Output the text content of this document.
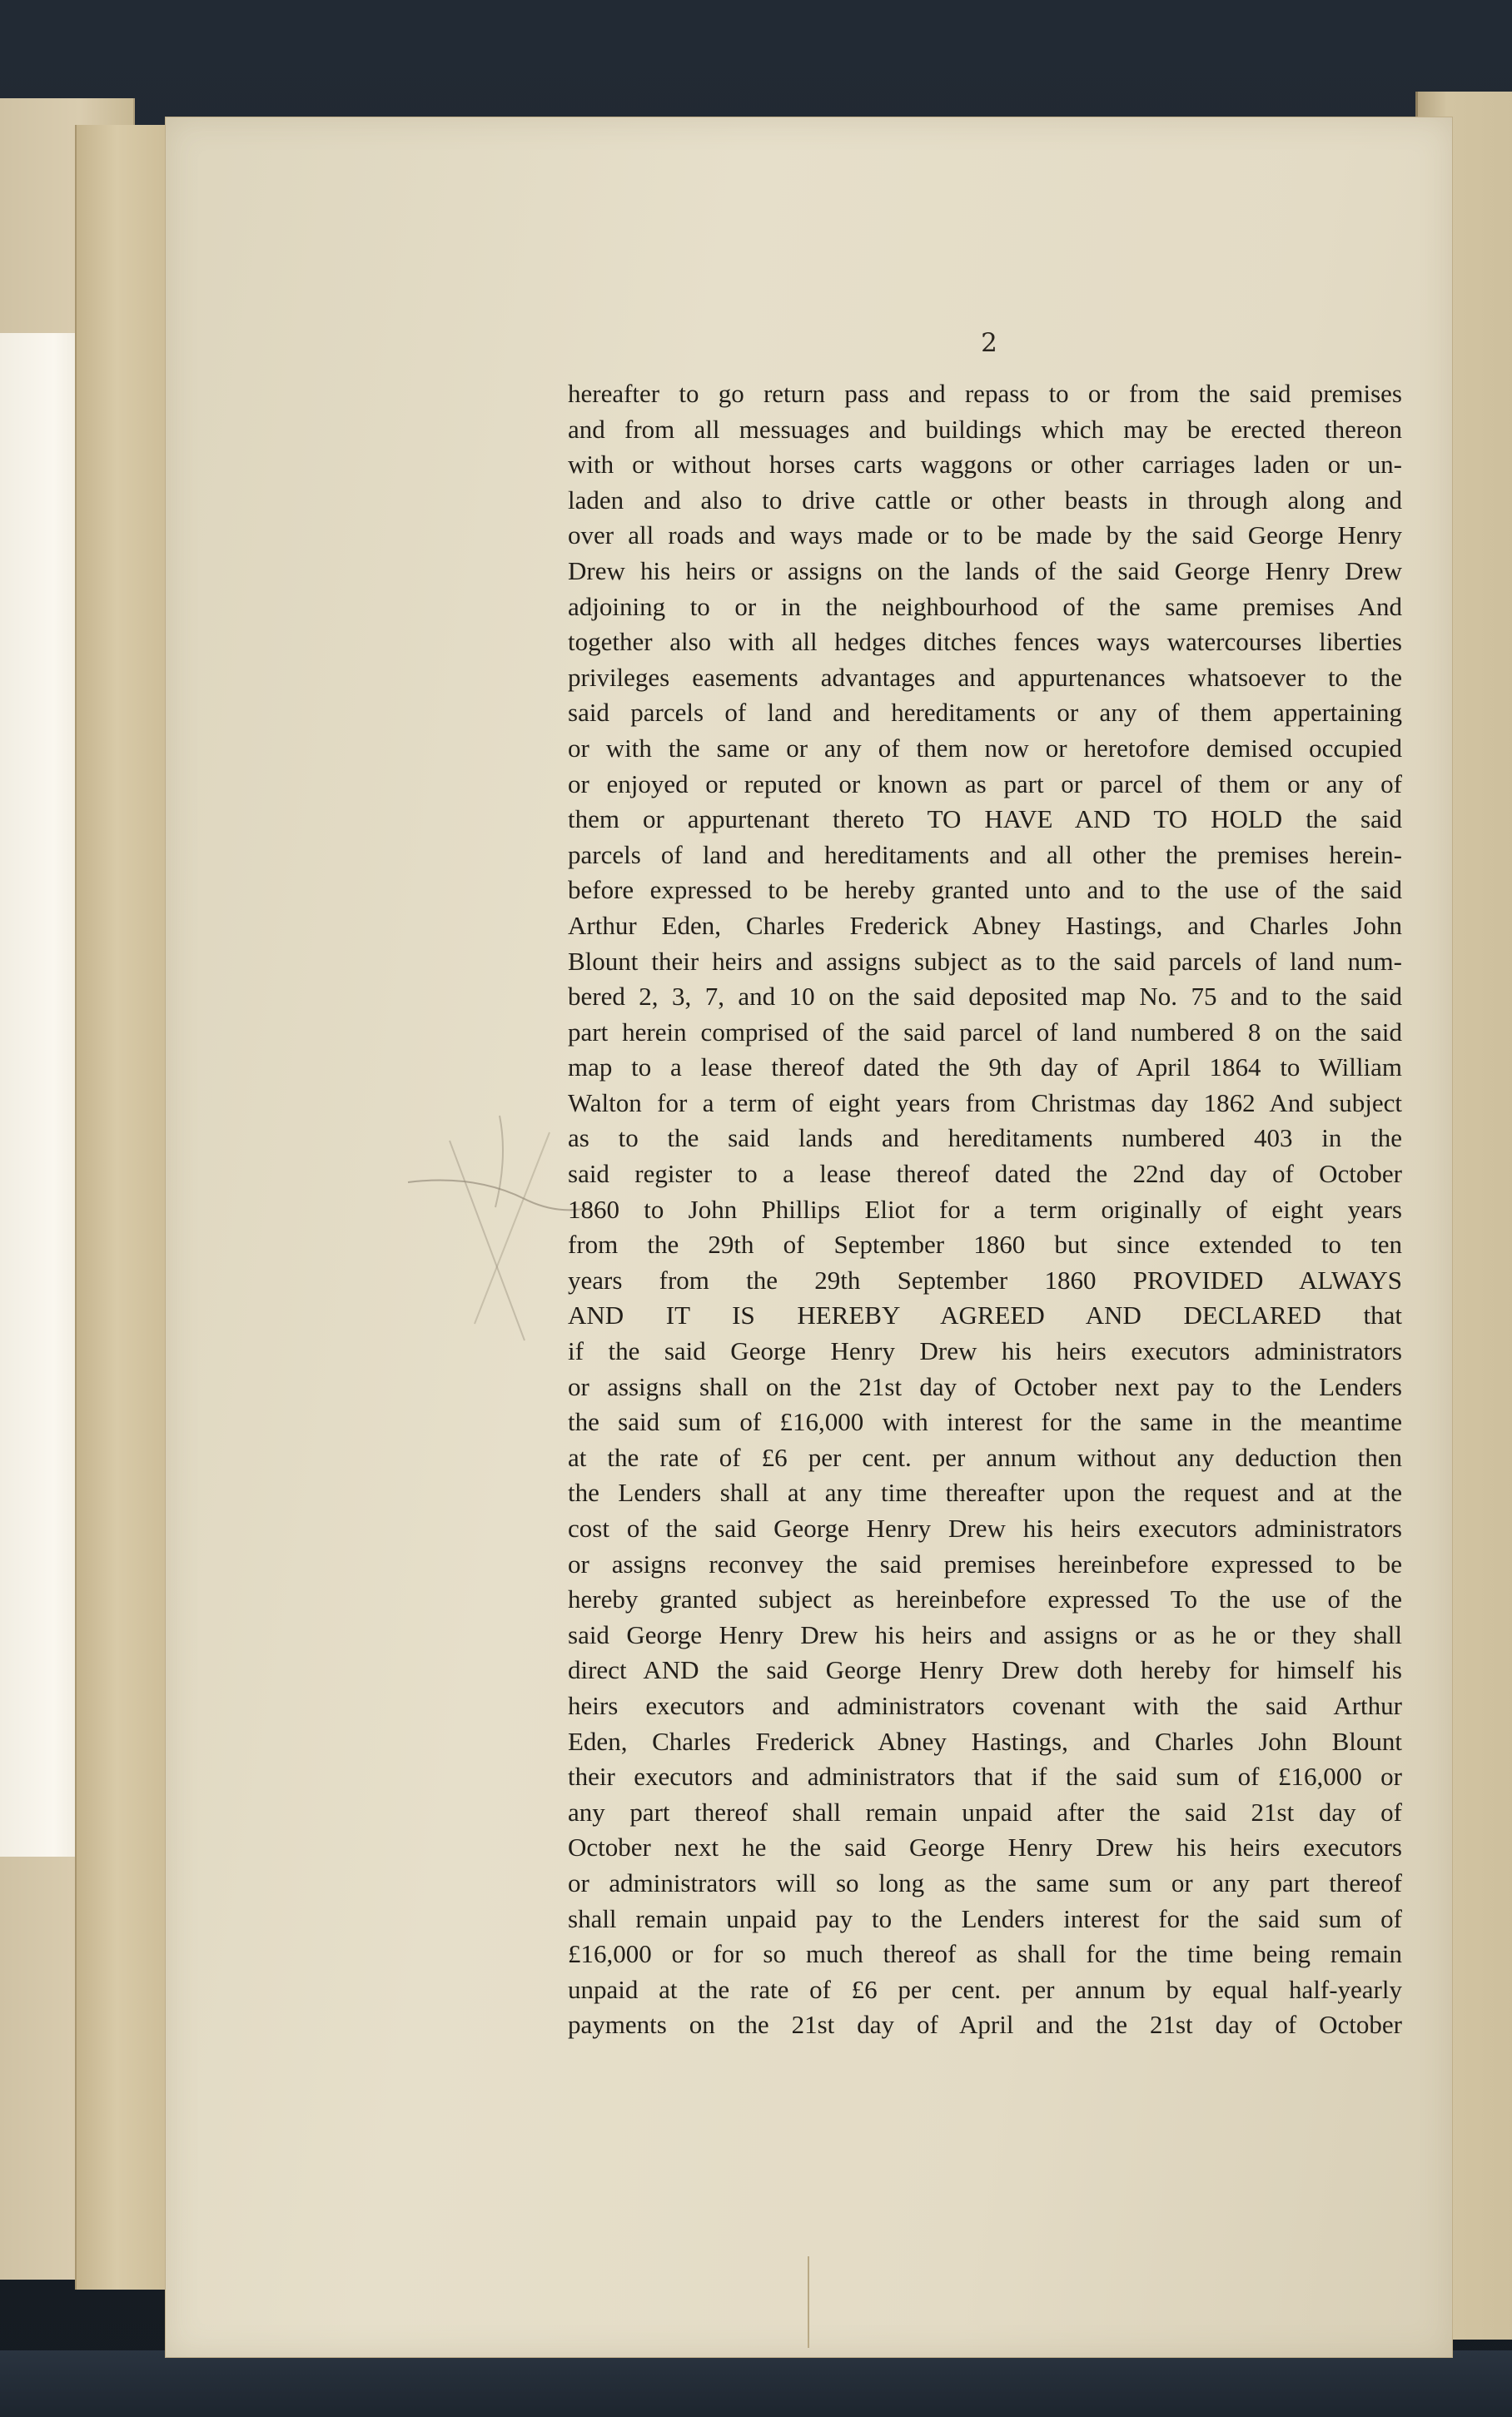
2
hereafter to go return pass and repass to or from the said premises
and from all messuages and buildings which may be erected thereon
with or without horses carts waggons or other carriages laden or un-
laden and also to drive cattle or other beasts in through along and
over all roads and ways made or to be made by the said George Henry
Drew his heirs or assigns on the lands of the said George Henry Drew
adjoining to or in the neighbourhood of the same premises And
together also with all hedges ditches fences ways watercourses liberties
privileges easements advantages and appurtenances whatsoever to the
said parcels of land and hereditaments or any of them appertaining
or with the same or any of them now or heretofore demised occupied
or enjoyed or reputed or known as part or parcel of them or any of
them or appurtenant thereto TO HAVE AND TO HOLD the said
parcels of land and hereditaments and all other the premises herein-
before expressed to be hereby granted unto and to the use of the said
Arthur Eden, Charles Frederick Abney Hastings, and Charles John
Blount their heirs and assigns subject as to the said parcels of land num-
bered 2, 3, 7, and 10 on the said deposited map No. 75 and to the said
part herein comprised of the said parcel of land numbered 8 on the said
map to a lease thereof dated the 9th day of April 1864 to William
Walton for a term of eight years from Christmas day 1862 And subject
as to the said lands and hereditaments numbered 403 in the
said register to a lease thereof dated the 22nd day of October
1860 to John Phillips Eliot for a term originally of eight years
from the 29th of September 1860 but since extended to ten
years from the 29th September 1860 PROVIDED ALWAYS
AND IT IS HEREBY AGREED AND DECLARED that
if the said George Henry Drew his heirs executors administrators
or assigns shall on the 21st day of October next pay to the Lenders
the said sum of £16,000 with interest for the same in the meantime
at the rate of £6 per cent. per annum without any deduction then
the Lenders shall at any time thereafter upon the request and at the
cost of the said George Henry Drew his heirs executors administrators
or assigns reconvey the said premises hereinbefore expressed to be
hereby granted subject as hereinbefore expressed To the use of the
said George Henry Drew his heirs and assigns or as he or they shall
direct AND the said George Henry Drew doth hereby for himself his
heirs executors and administrators covenant with the said Arthur
Eden, Charles Frederick Abney Hastings, and Charles John Blount
their executors and administrators that if the said sum of £16,000 or
any part thereof shall remain unpaid after the said 21st day of
October next he the said George Henry Drew his heirs executors
or administrators will so long as the same sum or any part thereof
shall remain unpaid pay to the Lenders interest for the said sum of
£16,000 or for so much thereof as shall for the time being remain
unpaid at the rate of £6 per cent. per annum by equal half-yearly
payments on the 21st day of April and the 21st day of October
